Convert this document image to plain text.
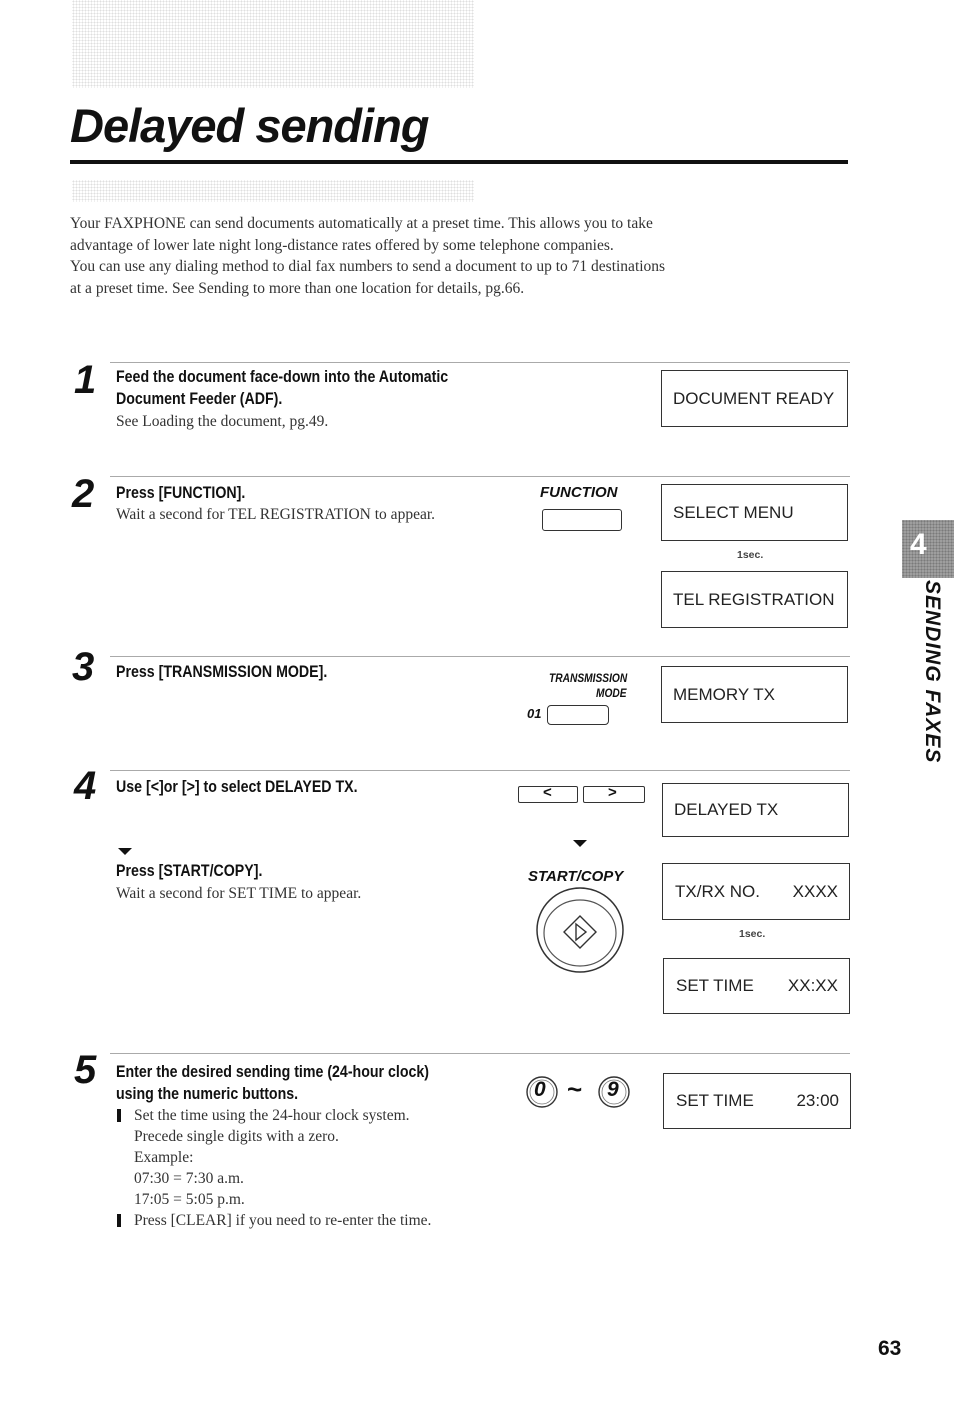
Delayed sending

Your FAXPHONE can send documents automatically at a preset time. This allows you to take advantage of lower late night long-distance rates offered by some telephone companies.

You can use any dialing method to dial fax numbers to send a document to up to 71 destinations at a preset time. See Sending to more than one location for details, pg.66.

1 Feed the document face-down into the Automatic
Document Feeder (ADF).
See Loading the document, pg.49.
DOCUMENT READY
2 Press [FUNCTION].
Wait a second for TEL REGISTRATION to appear.
FUNCTION
SELECT MENU
1sec.
TEL REGISTRATION
3 Press [TRANSMISSION MODE].	TRANSMISSION
MODE
01
MEMORY TX
4 Use [<]or [>] to select DELAYED TX.	<	>
DELAYED TX
Press [START/COPY].
Wait a second for SET TIME to appear.
START/COPY
TX/RX NO. XXXX
1sec.
SET TIME XX:XX
5 Enter the desired sending time (24-hour clock)
using the numeric buttons.	0 ~ 9
Set the time using the 24-hour clock system.
Precede single digits with a zero.
Example:
07:30 = 7:30 a.m.
17:05 = 5:05 p.m.
Press [CLEAR] if you need to re-enter the time.
SET TIME	23:00
4
SENDING FAXES
63
